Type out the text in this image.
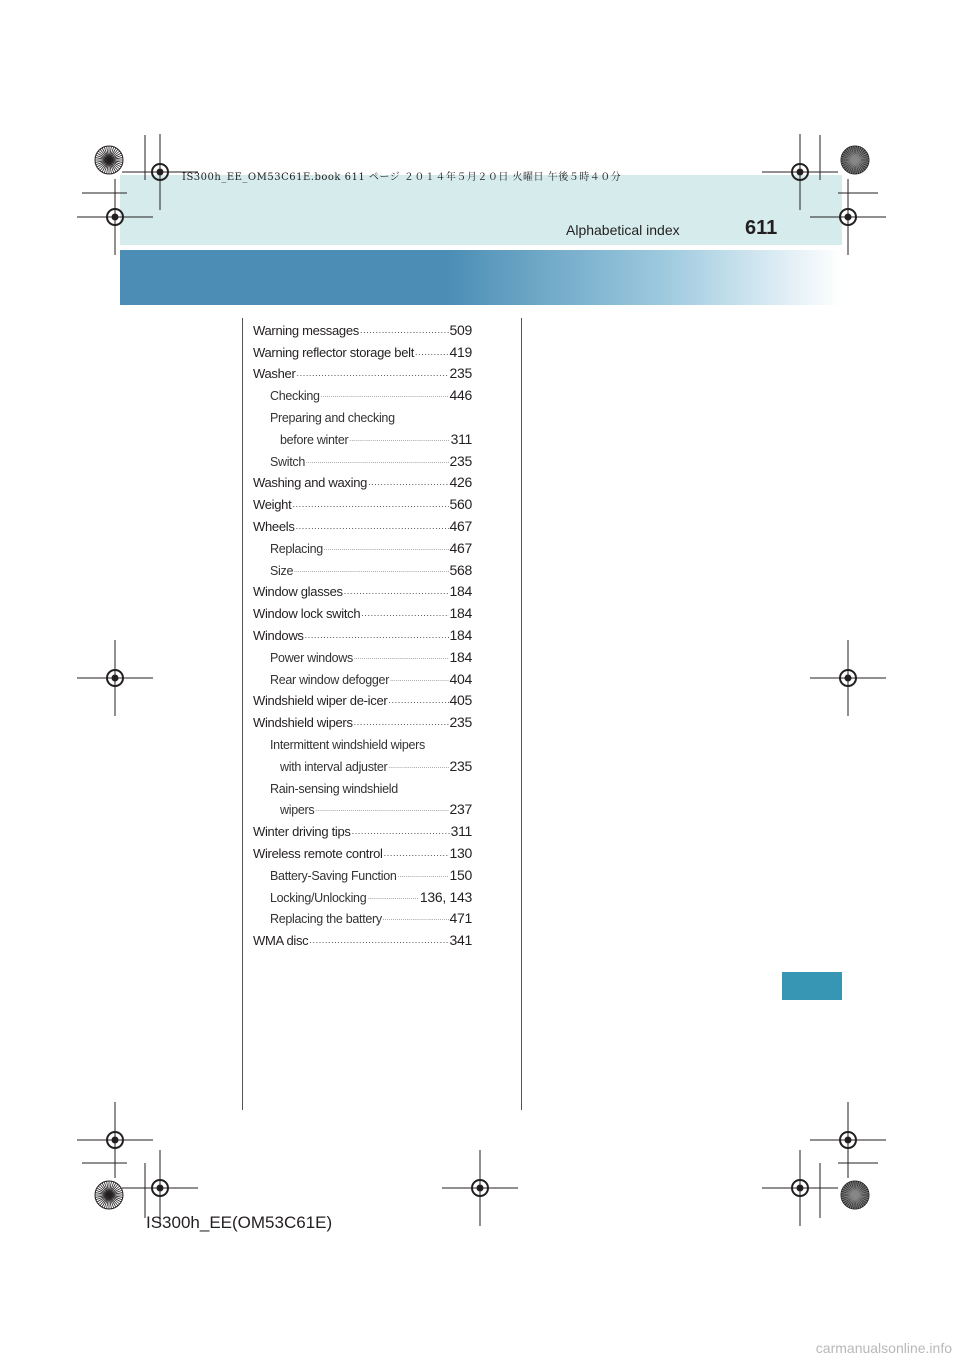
IS300h_EE_OM53C61E.book 611 ページ ２０１４年５月２０日 火曜日 午後５時４０分
Alphabetical index	611
Warning messages .....	509
Warning reflector storage belt .....	419
Washer .....	235
Checking .....	446
Preparing and checking
before winter .....	311
Switch .....	235
Washing and waxing .....	426
Weight .....	560
Wheels .....	467
Replacing .....	467
Size .....	568
Window glasses .....	184
Window lock switch .....	184
Windows .....	184
Power windows .....	184
Rear window defogger .....	404
Windshield wiper de-icer .....	405
Windshield wipers .....	235
Intermittent windshield wipers
with interval adjuster .....	235
Rain-sensing windshield
wipers .....	237
Winter driving tips .....	311
Wireless remote control .....	130
Battery-Saving Function .....	150
Locking/Unlocking .....	136, 143
Replacing the battery .....	471
WMA disc .....	341
IS300h_EE(OM53C61E)
carmanualsonline.info
